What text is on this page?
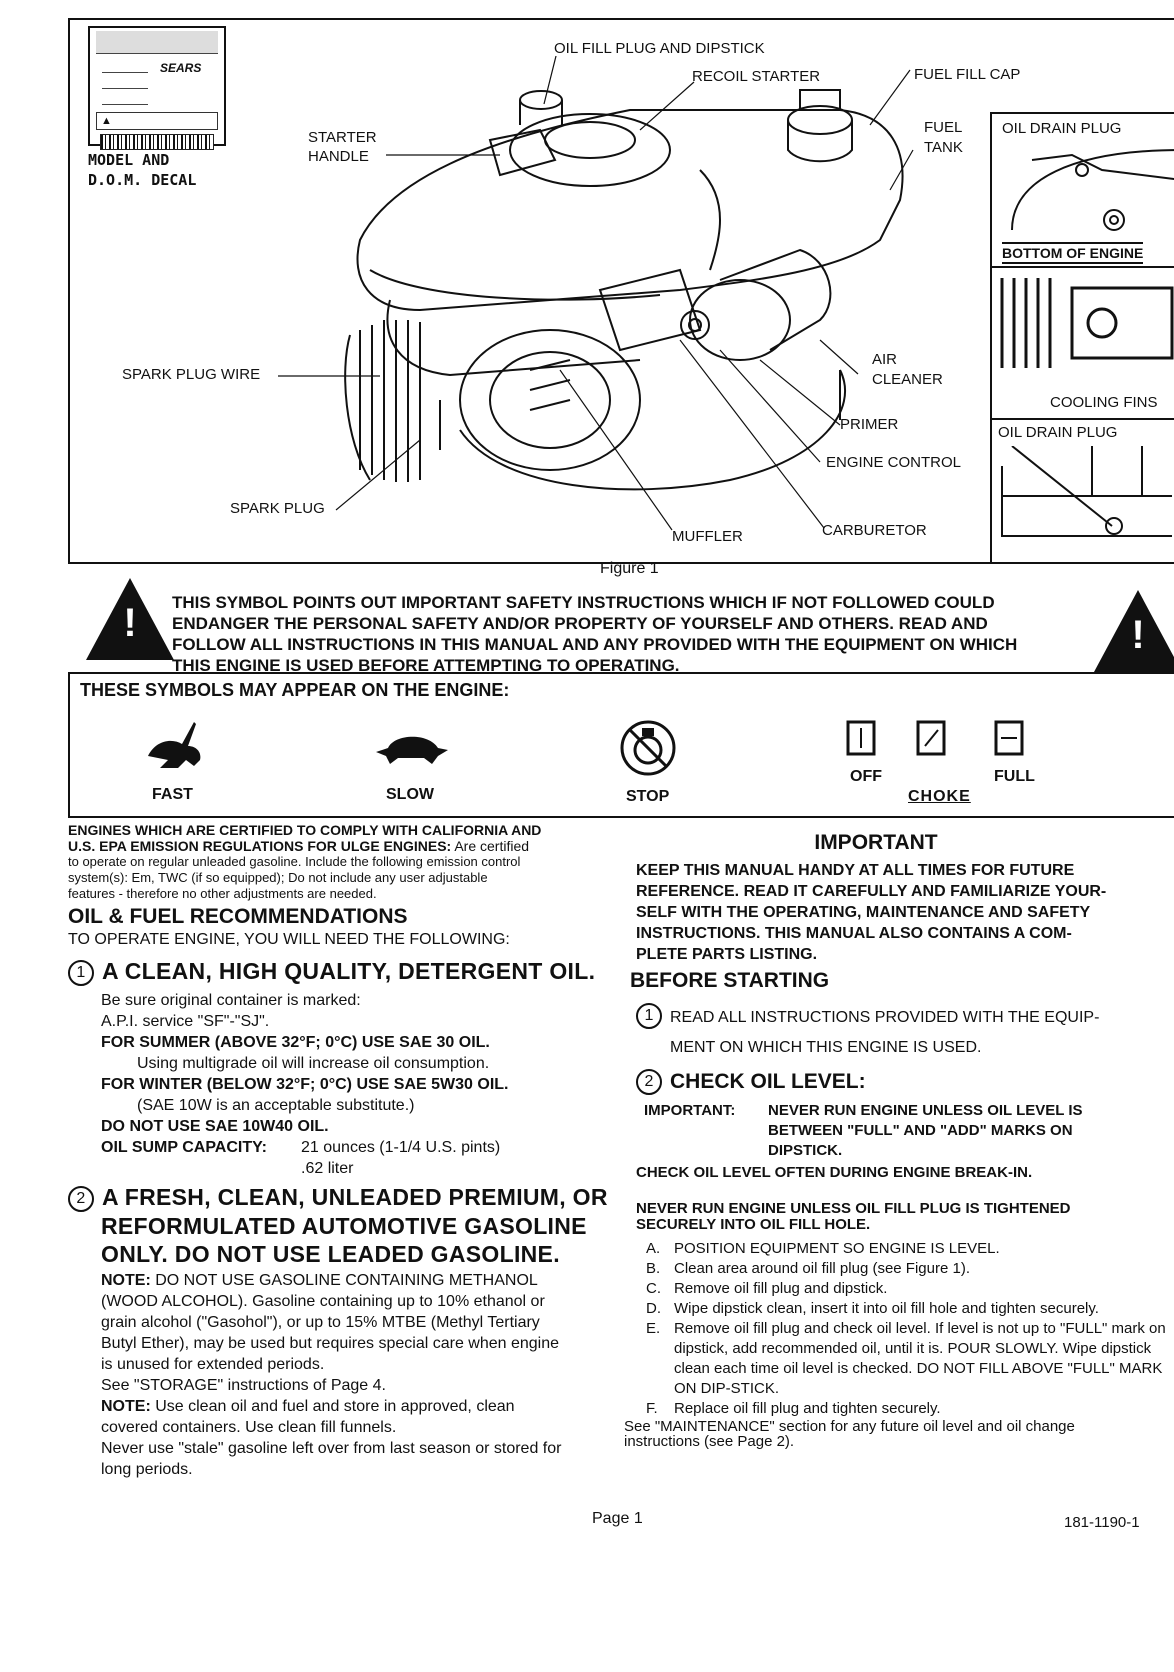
SEARS
▲
MODEL AND
D.O.M. DECAL
OIL FILL PLUG AND DIPSTICK
RECOIL STARTER	FUEL FILL CAP
STARTER
HANDLE
FUEL
TANK
SPARK PLUG WIRE
AIR
CLEANER
PRIMER
ENGINE CONTROL
SPARK PLUG
MUFFLER	CARBURETOR
OIL DRAIN PLUG
BOTTOM OF ENGINE
COOLING FINS
OIL DRAIN PLUG
Figure 1
!	!
THIS SYMBOL POINTS OUT IMPORTANT SAFETY INSTRUCTIONS WHICH IF NOT FOLLOWED COULD
ENDANGER THE PERSONAL SAFETY AND/OR PROPERTY OF YOURSELF AND OTHERS. READ AND
FOLLOW ALL INSTRUCTIONS IN THIS MANUAL AND ANY PROVIDED WITH THE EQUIPMENT ON WHICH
THIS ENGINE IS USED BEFORE ATTEMPTING TO OPERATING.
THESE SYMBOLS MAY APPEAR ON THE ENGINE:
FAST	SLOW	STOP
OFF	FULL
CHOKE
ENGINES WHICH ARE CERTIFIED TO COMPLY WITH CALIFORNIA AND
U.S. EPA EMISSION REGULATIONS FOR ULGE ENGINES: Are certified
to operate on regular unleaded gasoline. Include the following emission control
system(s): Em, TWC (if so equipped); Do not include any user adjustable
features - therefore no other adjustments are needed.
OIL & FUEL RECOMMENDATIONS
TO OPERATE ENGINE, YOU WILL NEED THE FOLLOWING:
1 A CLEAN, HIGH QUALITY, DETERGENT OIL.
Be sure original container is marked:
A.P.I. service "SF"-"SJ".
FOR SUMMER (ABOVE 32°F; 0°C) USE SAE 30 OIL.
Using multigrade oil will increase oil consumption.
FOR WINTER (BELOW 32°F; 0°C) USE SAE 5W30 OIL.
(SAE 10W is an acceptable substitute.)
DO NOT USE SAE 10W40 OIL.
OIL SUMP CAPACITY:	21 ounces (1-1/4 U.S. pints)
.62 liter
2 A FRESH, CLEAN, UNLEADED PREMIUM, OR
REFORMULATED AUTOMOTIVE GASOLINE
ONLY. DO NOT USE LEADED GASOLINE.
NOTE: DO NOT USE GASOLINE CONTAINING METHANOL
(WOOD ALCOHOL). Gasoline containing up to 10% ethanol or
grain alcohol ("Gasohol"), or up to 15% MTBE (Methyl Tertiary
Butyl Ether), may be used but requires special care when engine
is unused for extended periods.
See "STORAGE" instructions of Page 4.
NOTE: Use clean oil and fuel and store in approved, clean
covered containers. Use clean fill funnels.
Never use "stale" gasoline left over from last season or stored for
long periods.
IMPORTANT
KEEP THIS MANUAL HANDY AT ALL TIMES FOR FUTURE
REFERENCE. READ IT CAREFULLY AND FAMILIARIZE YOUR-
SELF WITH THE OPERATING, MAINTENANCE AND SAFETY
INSTRUCTIONS. THIS MANUAL ALSO CONTAINS A COM-
PLETE PARTS LISTING.
BEFORE STARTING
1 READ ALL INSTRUCTIONS PROVIDED WITH THE EQUIP-
MENT ON WHICH THIS ENGINE IS USED.
2 CHECK OIL LEVEL:
IMPORTANT:	NEVER RUN ENGINE UNLESS OIL LEVEL IS
BETWEEN "FULL" AND "ADD" MARKS ON
DIPSTICK.
CHECK OIL LEVEL OFTEN DURING ENGINE BREAK-IN.
NEVER RUN ENGINE UNLESS OIL FILL PLUG IS TIGHTENED
SECURELY INTO OIL FILL HOLE.
A. POSITION EQUIPMENT SO ENGINE IS LEVEL.
B. Clean area around oil fill plug (see Figure 1).
C. Remove oil fill plug and dipstick.
D. Wipe dipstick clean, insert it into oil fill hole and tighten securely.
E. Remove oil fill plug and check oil level. If level is not up to "FULL" mark on dipstick, add recommended oil, until it is. POUR SLOWLY. Wipe dipstick clean each time oil level is checked. DO NOT FILL ABOVE "FULL" MARK ON DIP-STICK.
F.	Replace oil fill plug and tighten securely.
See "MAINTENANCE" section for any future oil level and oil change
instructions (see Page 2).
Page 1	181-1190-1
